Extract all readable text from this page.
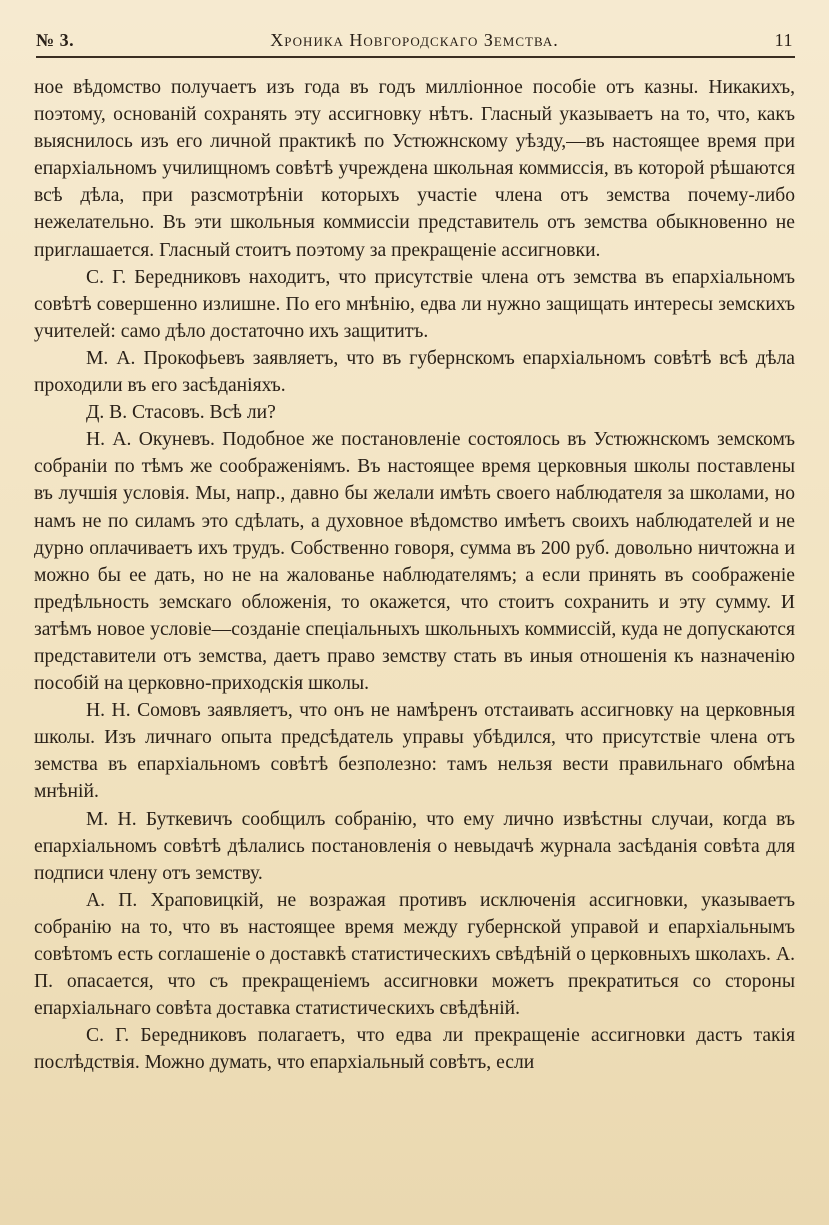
№ 3.	Хроника Новгородскаго Земства.	11

ное вѣдомство получаетъ изъ года въ годъ милліонное пособіе отъ казны. Никакихъ, поэтому, основаній сохранять эту ассигновку нѣтъ. Гласный указываетъ на то, что, какъ выяснилось изъ его личной практикѣ по Устюжнскому уѣзду,—въ настоящее время при епархіальномъ училищномъ совѣтѣ учреждена школьная коммиссія, въ которой рѣшаются всѣ дѣла, при разсмотрѣніи которыхъ участіе члена отъ земства почему-либо нежелательно. Въ эти школьныя коммиссіи представитель отъ земства обыкновенно не приглашается. Гласный стоитъ поэтому за прекращеніе ассигновки.

С. Г. Бередниковъ находитъ, что присутствіе члена отъ земства въ епархіальномъ совѣтѣ совершенно излишне. По его мнѣнію, едва ли нужно защищать интересы земскихъ учителей: само дѣло достаточно ихъ защититъ.

М. А. Прокофьевъ заявляетъ, что въ губернскомъ епархіальномъ совѣтѣ всѣ дѣла проходили въ его засѣданіяхъ.

Д. В. Стасовъ. Всѣ ли?

Н. А. Окуневъ. Подобное же постановленіе состоялось въ Устюжнскомъ земскомъ собраніи по тѣмъ же соображеніямъ. Въ настоящее время церковныя школы поставлены въ лучшія условія. Мы, напр., давно бы желали имѣть своего наблюдателя за школами, но намъ не по силамъ это сдѣлать, а духовное вѣдомство имѣетъ своихъ наблюдателей и не дурно оплачиваетъ ихъ трудъ. Собственно говоря, сумма въ 200 руб. довольно ничтожна и можно бы ее дать, но не на жалованье наблюдателямъ; а если принять въ соображеніе предѣльность земскаго обложенія, то окажется, что стоитъ сохранить и эту сумму. И затѣмъ новое условіе—созданіе спеціальныхъ школьныхъ коммиссій, куда не допускаются представители отъ земства, даетъ право земству стать въ иныя отношенія къ назначенію пособій на церковно-приходскія школы.

Н. Н. Сомовъ заявляетъ, что онъ не намѣренъ отстаивать ассигновку на церковныя школы. Изъ личнаго опыта предсѣдатель управы убѣдился, что присутствіе члена отъ земства въ епархіальномъ совѣтѣ безполезно: тамъ нельзя вести правильнаго обмѣна мнѣній.

М. Н. Буткевичъ сообщилъ собранію, что ему лично извѣстны случаи, когда въ епархіальномъ совѣтѣ дѣлались постановленія о невыдачѣ журнала засѣданія совѣта для подписи члену отъ земству.

А. П. Храповицкій, не возражая противъ исключенія ассигновки, указываетъ собранію на то, что въ настоящее время между губернской управой и епархіальнымъ совѣтомъ есть соглашеніе о доставкѣ статистическихъ свѣдѣній о церковныхъ школахъ. А. П. опасается, что съ прекращеніемъ ассигновки можетъ прекратиться со стороны епархіальнаго совѣта доставка статистическихъ свѣдѣній.

С. Г. Бередниковъ полагаетъ, что едва ли прекращеніе ассигновки дастъ такія послѣдствія. Можно думать, что епархіальный совѣтъ, если
